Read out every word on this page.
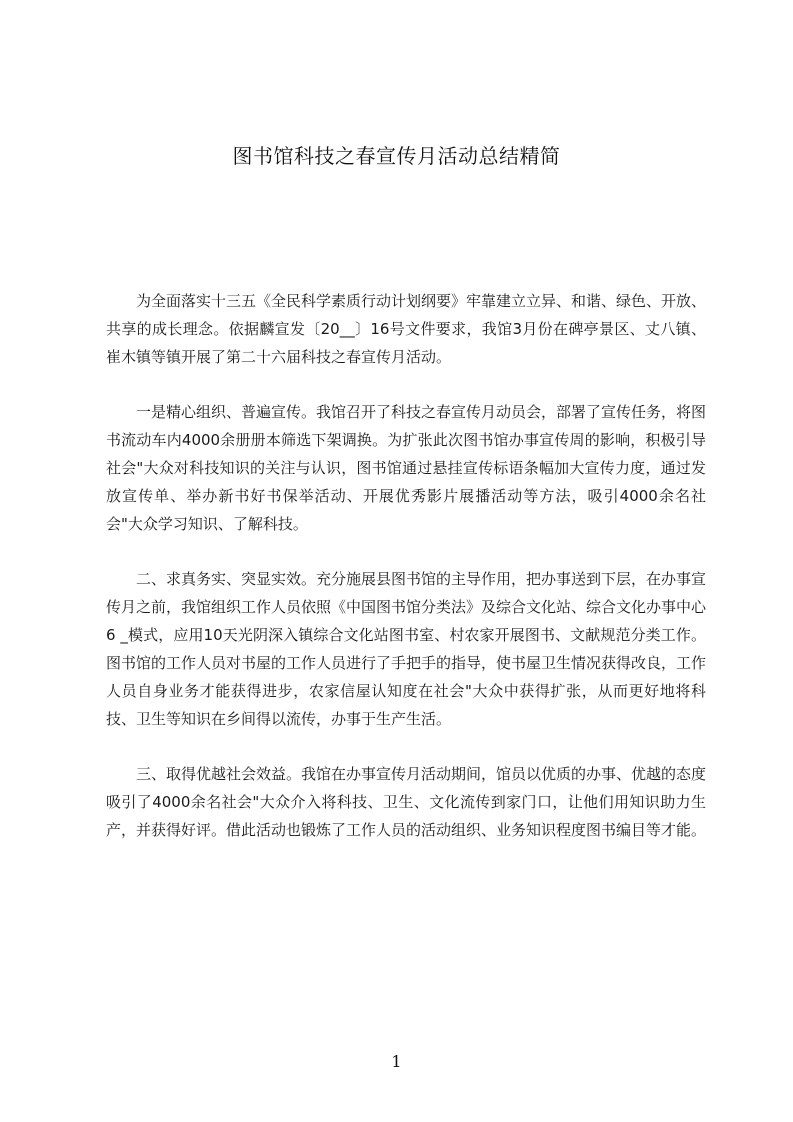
图书馆科技之春宣传月活动总结精简

为全面落实十三五《全民科学素质行动计划纲要》牢靠建立立异、和谐、绿色、开放、共享的成长理念。依据麟宣发〔20__〕16号文件要求，我馆3月份在碑亭景区、丈八镇、崔木镇等镇开展了第二十六届科技之春宣传月活动。

一是精心组织、普遍宣传。我馆召开了科技之春宣传月动员会，部署了宣传任务，将图书流动车内4000余册册本筛选下架调换。为扩张此次图书馆办事宣传周的影响，积极引导社会"大众对科技知识的关注与认识，图书馆通过悬挂宣传标语条幅加大宣传力度，通过发放宣传单、举办新书好书保举活动、开展优秀影片展播活动等方法，吸引4000余名社会"大众学习知识、了解科技。

二、求真务实、突显实效。充分施展县图书馆的主导作用，把办事送到下层，在办事宣传月之前，我馆组织工作人员依照《中国图书馆分类法》及综合文化站、综合文化办事中心6 _模式，应用10天光阴深入镇综合文化站图书室、村农家开展图书、文献规范分类工作。图书馆的工作人员对书屋的工作人员进行了手把手的指导，使书屋卫生情况获得改良，工作人员自身业务才能获得进步，农家信屋认知度在社会"大众中获得扩张，从而更好地将科技、卫生等知识在乡间得以流传，办事于生产生活。

三、取得优越社会效益。我馆在办事宣传月活动期间，馆员以优质的办事、优越的态度吸引了4000余名社会"大众介入将科技、卫生、文化流传到家门口，让他们用知识助力生产，并获得好评。借此活动也锻炼了工作人员的活动组织、业务知识程度图书编目等才能。

1
